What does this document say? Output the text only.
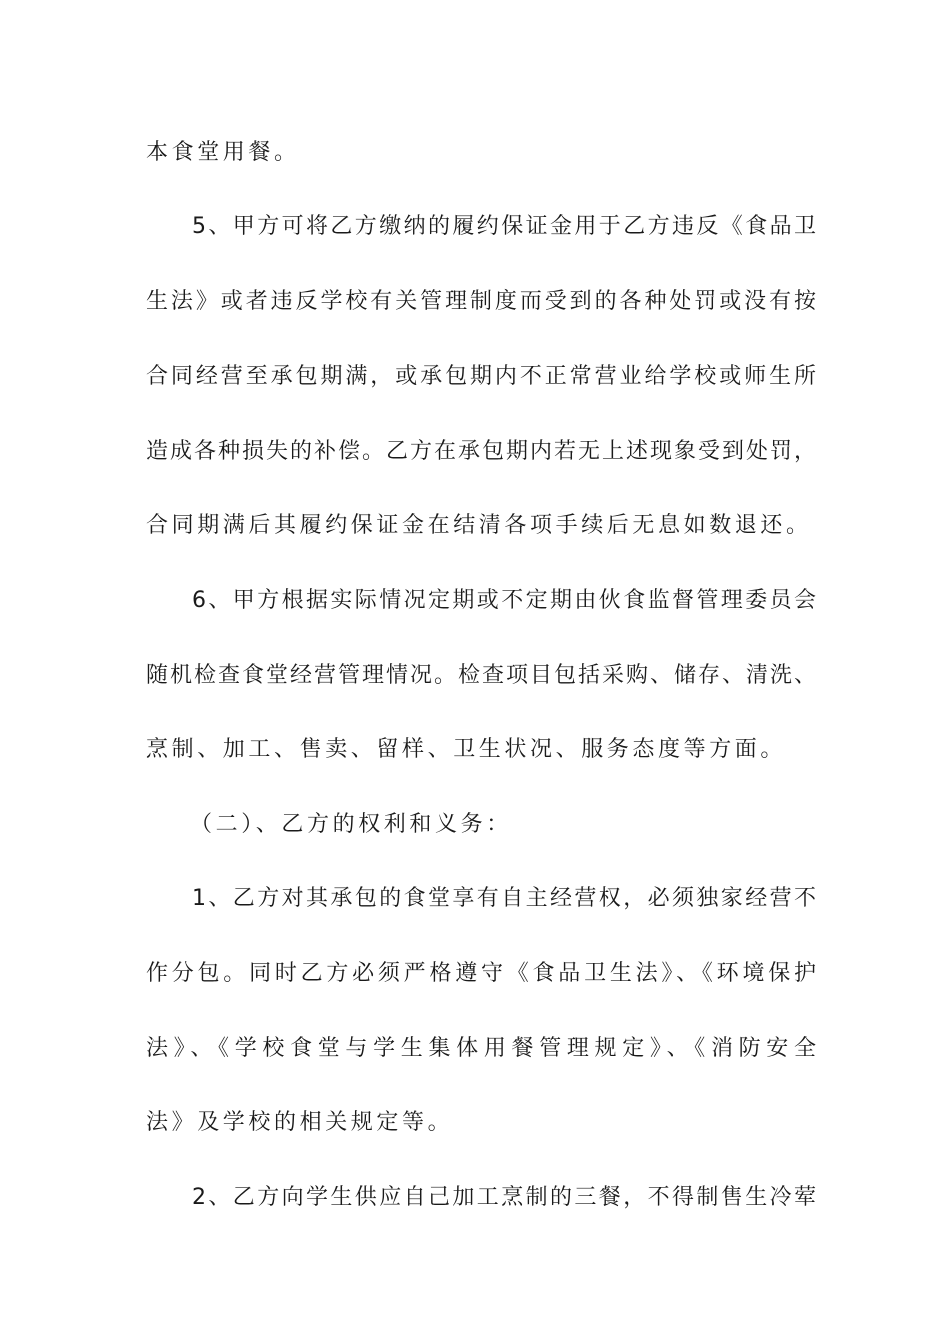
本食堂用餐。
5、甲方可将乙方缴纳的履约保证金用于乙方违反《食品卫
生法》或者违反学校有关管理制度而受到的各种处罚或没有按
合同经营至承包期满，或承包期内不正常营业给学校或师生所
造成各种损失的补偿。乙方在承包期内若无上述现象受到处罚，
合同期满后其履约保证金在结清各项手续后无息如数退还。
6、甲方根据实际情况定期或不定期由伙食监督管理委员会
随机检查食堂经营管理情况。检查项目包括采购、储存、清洗、
烹制、加工、售卖、留样、卫生状况、服务态度等方面。
（二）、乙方的权利和义务：
1、乙方对其承包的食堂享有自主经营权，必须独家经营不
作分包。同时乙方必须严格遵守《食品卫生法》、《环境保护
法》、《学校食堂与学生集体用餐管理规定》、《消防安全
法》及学校的相关规定等。
2、乙方向学生供应自己加工烹制的三餐，不得制售生冷荤
